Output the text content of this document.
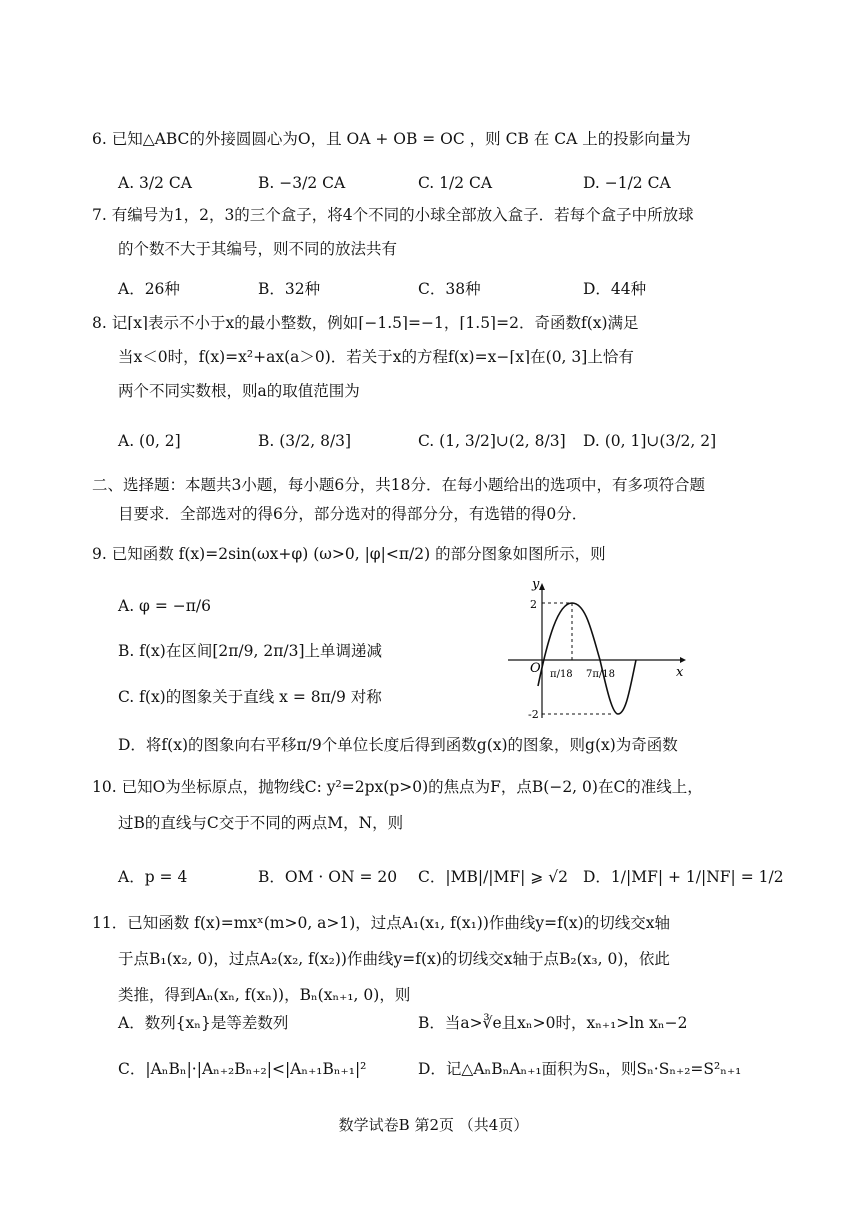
6. 已知△ABC的外接圆圆心为O，且 OA + OB = OC ，则 CB 在 CA 上的投影向量为
A. 3/2 CA	B. −3/2 CA	C. 1/2 CA	D. −1/2 CA
7. 有编号为1，2，3的三个盒子，将4个不同的小球全部放入盒子．若每个盒子中所放球
的个数不大于其编号，则不同的放法共有
A．26种	B．32种	C．38种	D．44种
8. 记⌈x⌉表示不小于x的最小整数，例如⌈−1.5⌉=−1，⌈1.5⌉=2．奇函数f(x)满足
当x＜0时，f(x)=x²+ax(a＞0)．若关于x的方程f(x)=x−⌈x⌉在(0, 3]上恰有
两个不同实数根，则a的取值范围为
A. (0, 2]	B. (3/2, 8/3]	C. (1, 3/2]∪(2, 8/3] D. (0, 1]∪(3/2, 2]
二、选择题：本题共3小题，每小题6分，共18分．在每小题给出的选项中，有多项符合题
目要求．全部选对的得6分，部分选对的得部分分，有选错的得0分．
9. 已知函数 f(x)=2sin(ωx+φ) (ω>0, |φ|<π/2) 的部分图象如图所示，则
A. φ = −π/6
B. f(x)在区间[2π/9, 2π/3]上单调递减
C. f(x)的图象关于直线 x = 8π/9 对称
D．将f(x)的图象向右平移π/9个单位长度后得到函数g(x)的图象，则g(x)为奇函数
y
x
O
2
-2
π/18 7π/18
10. 已知O为坐标原点，抛物线C: y²=2px(p>0)的焦点为F，点B(−2, 0)在C的准线上，
过B的直线与C交于不同的两点M，N，则
A．p = 4	B．OM · ON = 20 C．|MB|/|MF| ⩾ √2 D．1/|MF| + 1/|NF| = 1/2
11．已知函数 f(x)=mxˣ(m>0, a>1)，过点A₁(x₁, f(x₁))作曲线y=f(x)的切线交x轴
于点B₁(x₂, 0)，过点A₂(x₂, f(x₂))作曲线y=f(x)的切线交x轴于点B₂(x₃, 0)，依此
类推，得到Aₙ(xₙ, f(xₙ))，Bₙ(xₙ₊₁, 0)，则
A．数列{xₙ}是等差数列	B．当a>∛e且xₙ>0时，xₙ₊₁>ln xₙ−2
C．|AₙBₙ|·|Aₙ₊₂Bₙ₊₂|<|Aₙ₊₁Bₙ₊₁|²	D．记△AₙBₙAₙ₊₁面积为Sₙ，则Sₙ·Sₙ₊₂=S²ₙ₊₁
数学试卷B 第2页 （共4页）
